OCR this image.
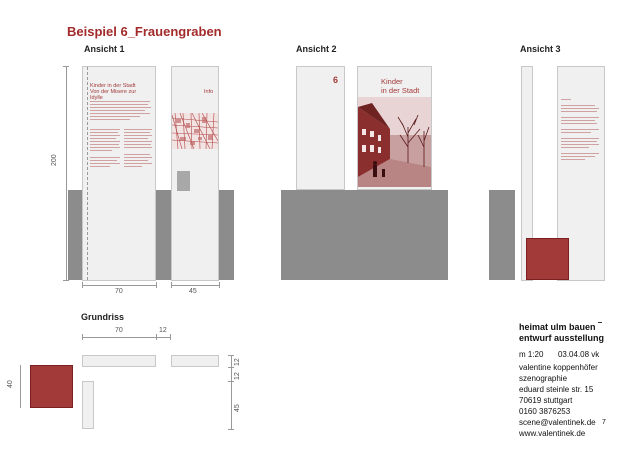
Beispiel 6_Frauengraben
Ansicht 1	Ansicht 2	Ansicht 3
200
Kinder in der Stadt
Von der Misere zur Idylle
Info
70	45
6	Kinder
in der Stadt
Grundriss
70	12
40
12
12
45
heimat ulm bauen
entwurf ausstellung
m 1:20 03.04.08 vk
valentine koppenhöfer
szenographie
eduard steinle str. 15
70619 stuttgart
0160 3876253
scene@valentinek.de 7
www.valentinek.de
